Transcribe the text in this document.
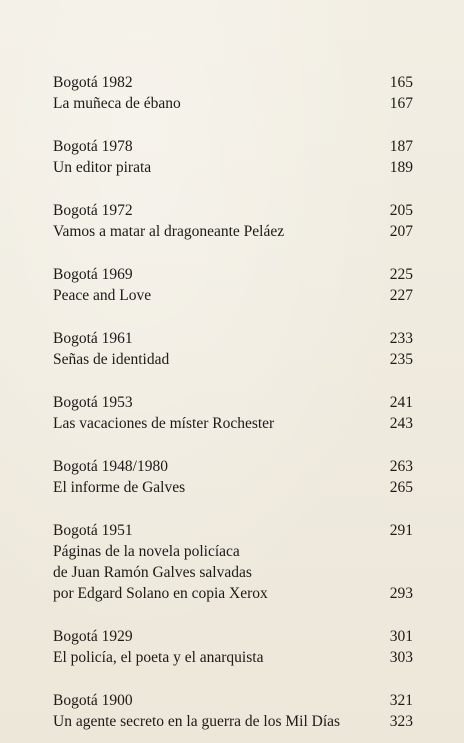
Bogotá 1982	165
La muñeca de ébano	167
Bogotá 1978	187
Un editor pirata	189
Bogotá 1972	205
Vamos a matar al dragoneante Peláez	207
Bogotá 1969	225
Peace and Love	227
Bogotá 1961	233
Señas de identidad	235
Bogotá 1953	241
Las vacaciones de míster Rochester	243
Bogotá 1948/1980	263
El informe de Galves	265
Bogotá 1951	291
Páginas de la novela policíaca
de Juan Ramón Galves salvadas
por Edgard Solano en copia Xerox	293
Bogotá 1929	301
El policía, el poeta y el anarquista	303
Bogotá 1900	321
Un agente secreto en la guerra de los Mil Días	323
